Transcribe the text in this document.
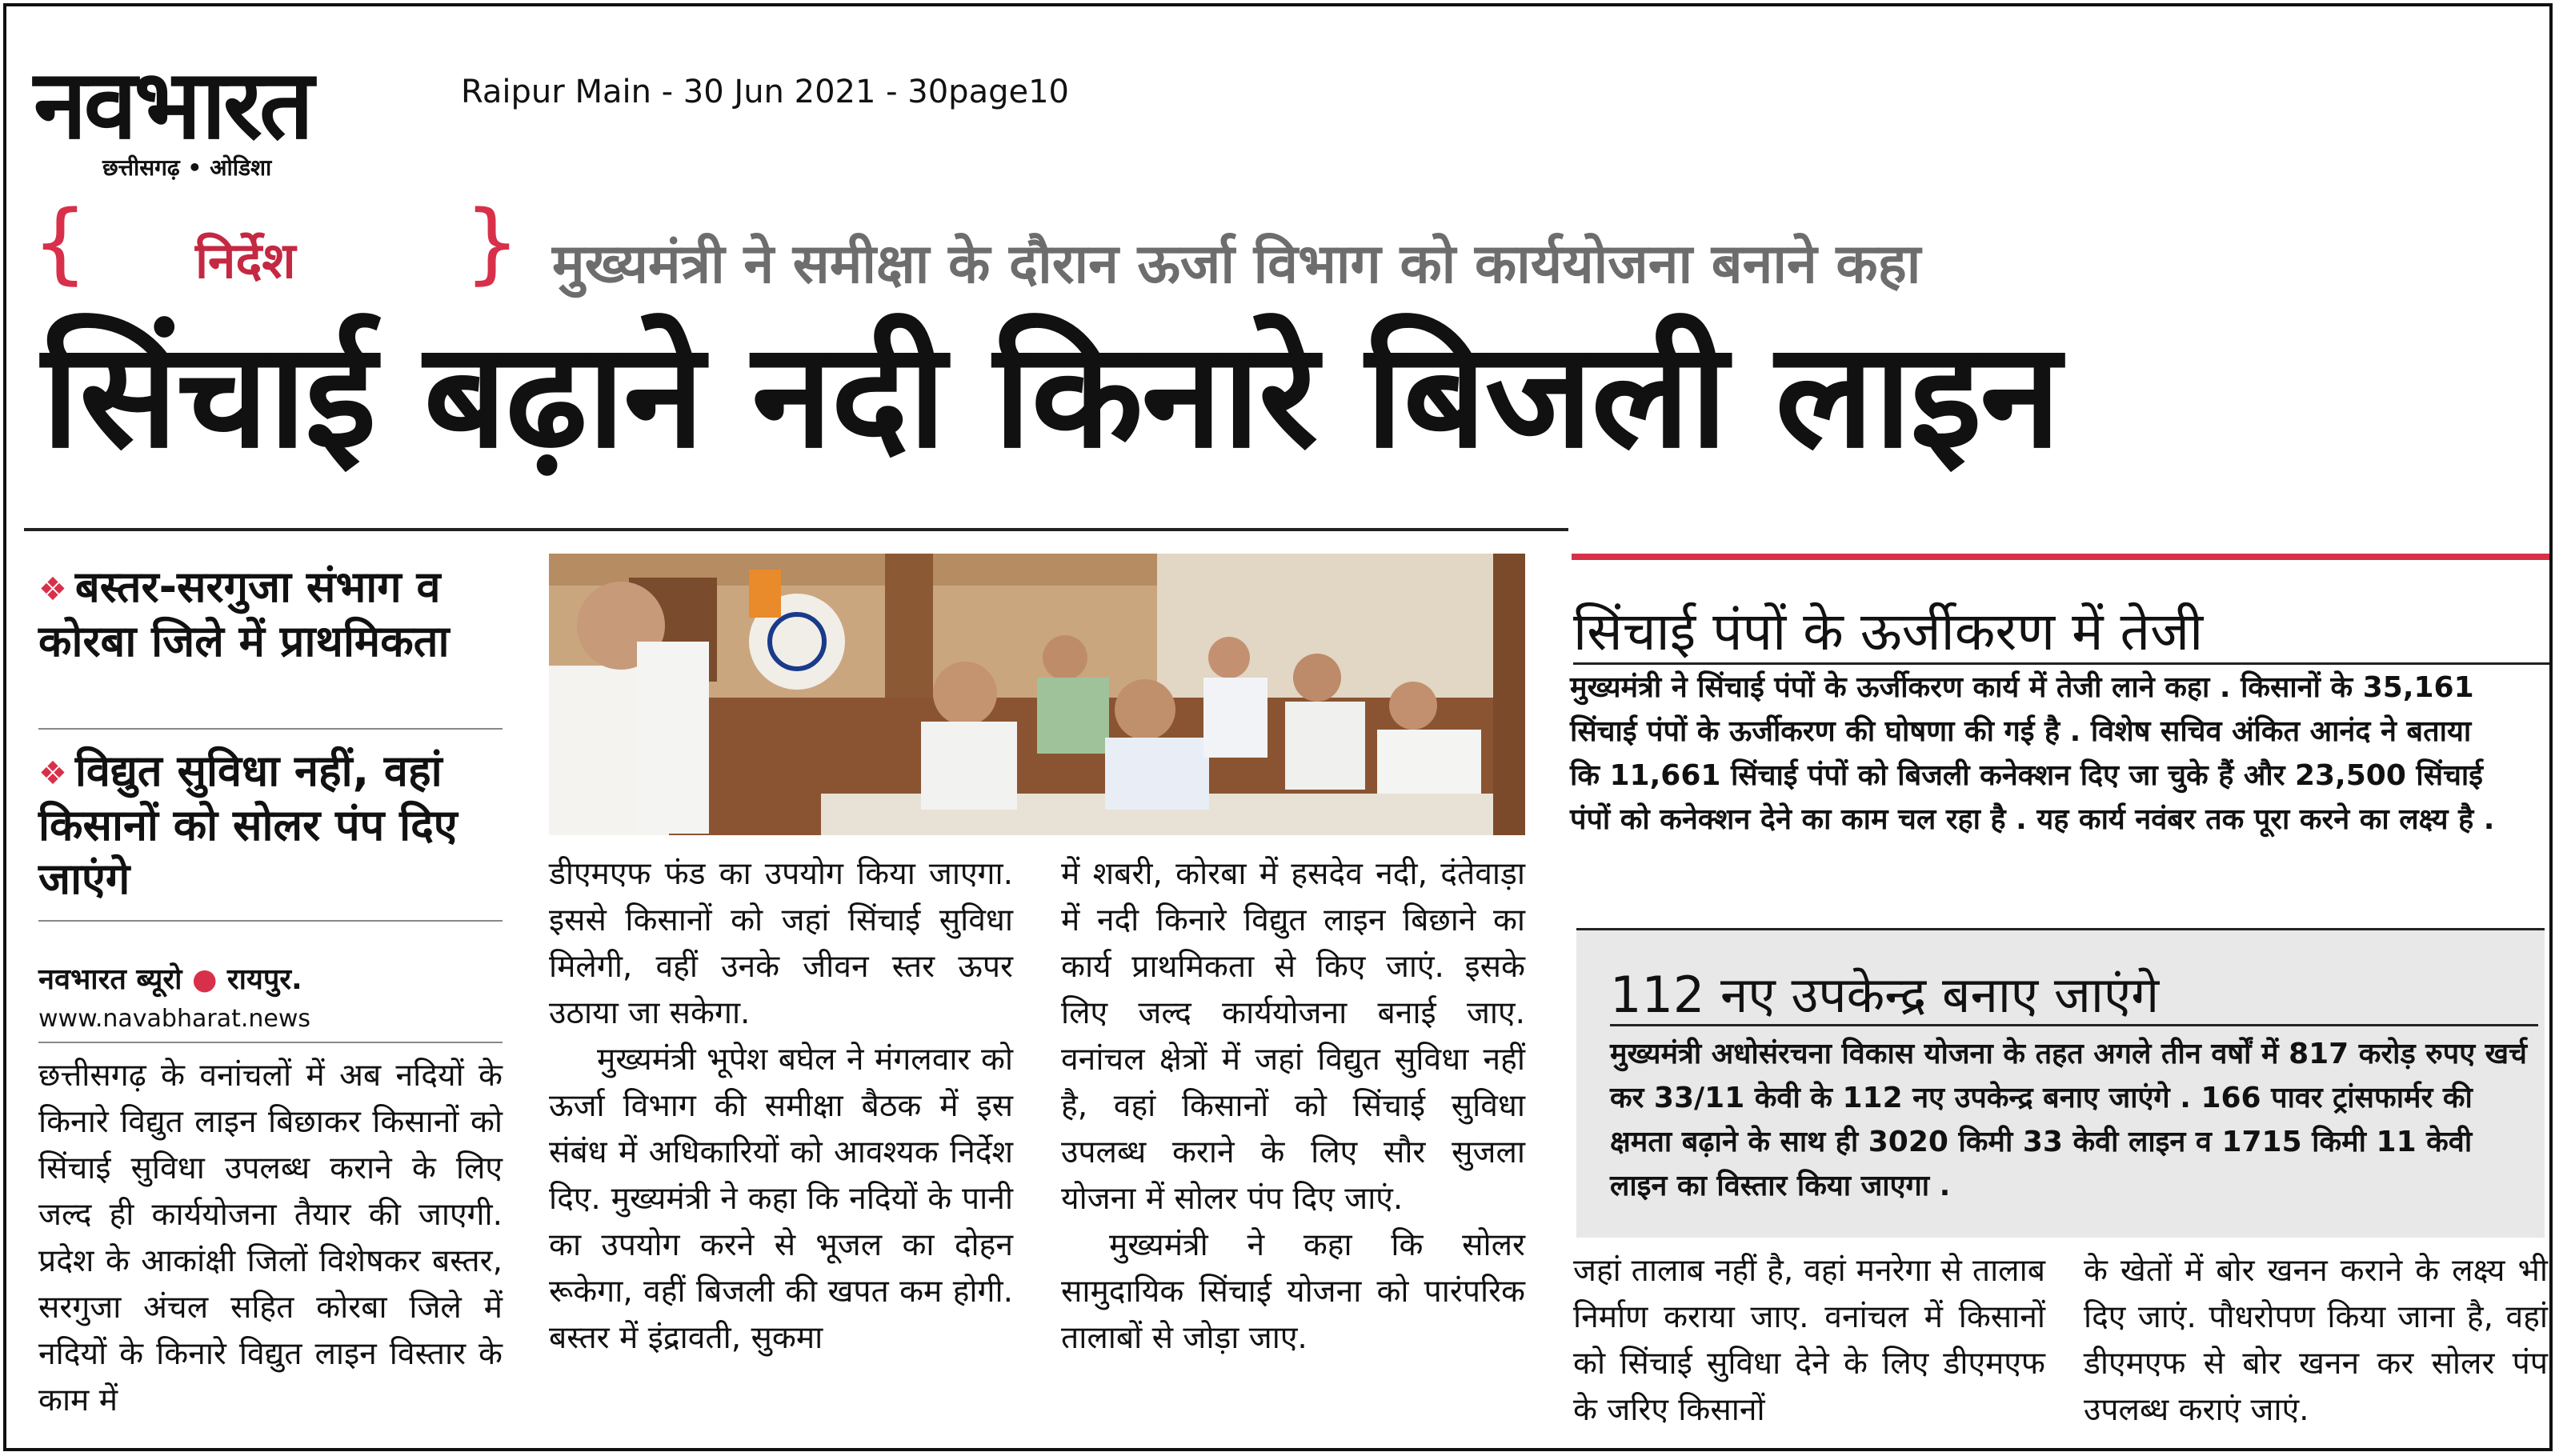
नवभारत
छत्तीसगढ़ • ओडिशा
Raipur Main - 30 Jun 2021 - 30page10
{ निर्देश } मुख्यमंत्री ने समीक्षा के दौरान ऊर्जा विभाग को कार्ययोजना बनाने कहा
सिंचाई बढ़ाने नदी किनारे बिजली लाइन
❖ बस्तर-सरगुजा संभाग व कोरबा जिले में प्राथमिकता
❖ विद्युत सुविधा नहीं, वहां किसानों को सोलर पंप दिए जाएंगे
नवभारत ब्यूरो ● रायपुर.
www.navabharat.news

छत्तीसगढ़ के वनांचलों में अब नदियों के किनारे विद्युत लाइन बिछाकर किसानों को सिंचाई सुविधा उपलब्ध कराने के लिए जल्द ही कार्ययोजना तैयार की जाएगी. प्रदेश के आकांक्षी जिलों विशेषकर बस्तर, सरगुजा अंचल सहित कोरबा जिले में नदियों के किनारे विद्युत लाइन विस्तार के काम में

डीएमएफ फंड का उपयोग किया जाएगा. इससे किसानों को जहां सिंचाई सुविधा मिलेगी, वहीं उनके जीवन स्तर ऊपर उठाया जा सकेगा.

मुख्यमंत्री भूपेश बघेल ने मंगलवार को ऊर्जा विभाग की समीक्षा बैठक में इस संबंध में अधिकारियों को आवश्यक निर्देश दिए. मुख्यमंत्री ने कहा कि नदियों के पानी का उपयोग करने से भूजल का दोहन रूकेगा, वहीं बिजली की खपत कम होगी. बस्तर में इंद्रावती, सुकमा

में शबरी, कोरबा में हसदेव नदी, दंतेवाड़ा में नदी किनारे विद्युत लाइन बिछाने का कार्य प्राथमिकता से किए जाएं. इसके लिए जल्द कार्ययोजना बनाई जाए. वनांचल क्षेत्रों में जहां विद्युत सुविधा नहीं है, वहां किसानों को सिंचाई सुविधा उपलब्ध कराने के लिए सौर सुजला योजना में सोलर पंप दिए जाएं.

मुख्यमंत्री ने कहा कि सोलर सामुदायिक सिंचाई योजना को पारंपरिक तालाबों से जोड़ा जाए.

सिंचाई पंपों के ऊर्जीकरण में तेजी
मुख्यमंत्री ने सिंचाई पंपों के ऊर्जीकरण कार्य में तेजी लाने कहा . किसानों के 35,161 सिंचाई पंपों के ऊर्जीकरण की घोषणा की गई है . विशेष सचिव अंकित आनंद ने बताया कि 11,661 सिंचाई पंपों को बिजली कनेक्शन दिए जा चुके हैं और 23,500 सिंचाई पंपों को कनेक्शन देने का काम चल रहा है . यह कार्य नवंबर तक पूरा करने का लक्ष्य है .
112 नए उपकेन्द्र बनाए जाएंगे
मुख्यमंत्री अधोसंरचना विकास योजना के तहत अगले तीन वर्षों में 817 करोड़ रुपए खर्च कर 33/11 केवी के 112 नए उपकेन्द्र बनाए जाएंगे . 166 पावर ट्रांसफार्मर की क्षमता बढ़ाने के साथ ही 3020 किमी 33 केवी लाइन व 1715 किमी 11 केवी लाइन का विस्तार किया जाएगा .

जहां तालाब नहीं है, वहां मनरेगा से तालाब निर्माण कराया जाए. वनांचल में किसानों को सिंचाई सुविधा देने के लिए डीएमएफ के जरिए किसानों

के खेतों में बोर खनन कराने के लक्ष्य भी दिए जाएं. पौधरोपण किया जाना है, वहां डीएमएफ से बोर खनन कर सोलर पंप उपलब्ध कराएं जाएं.
